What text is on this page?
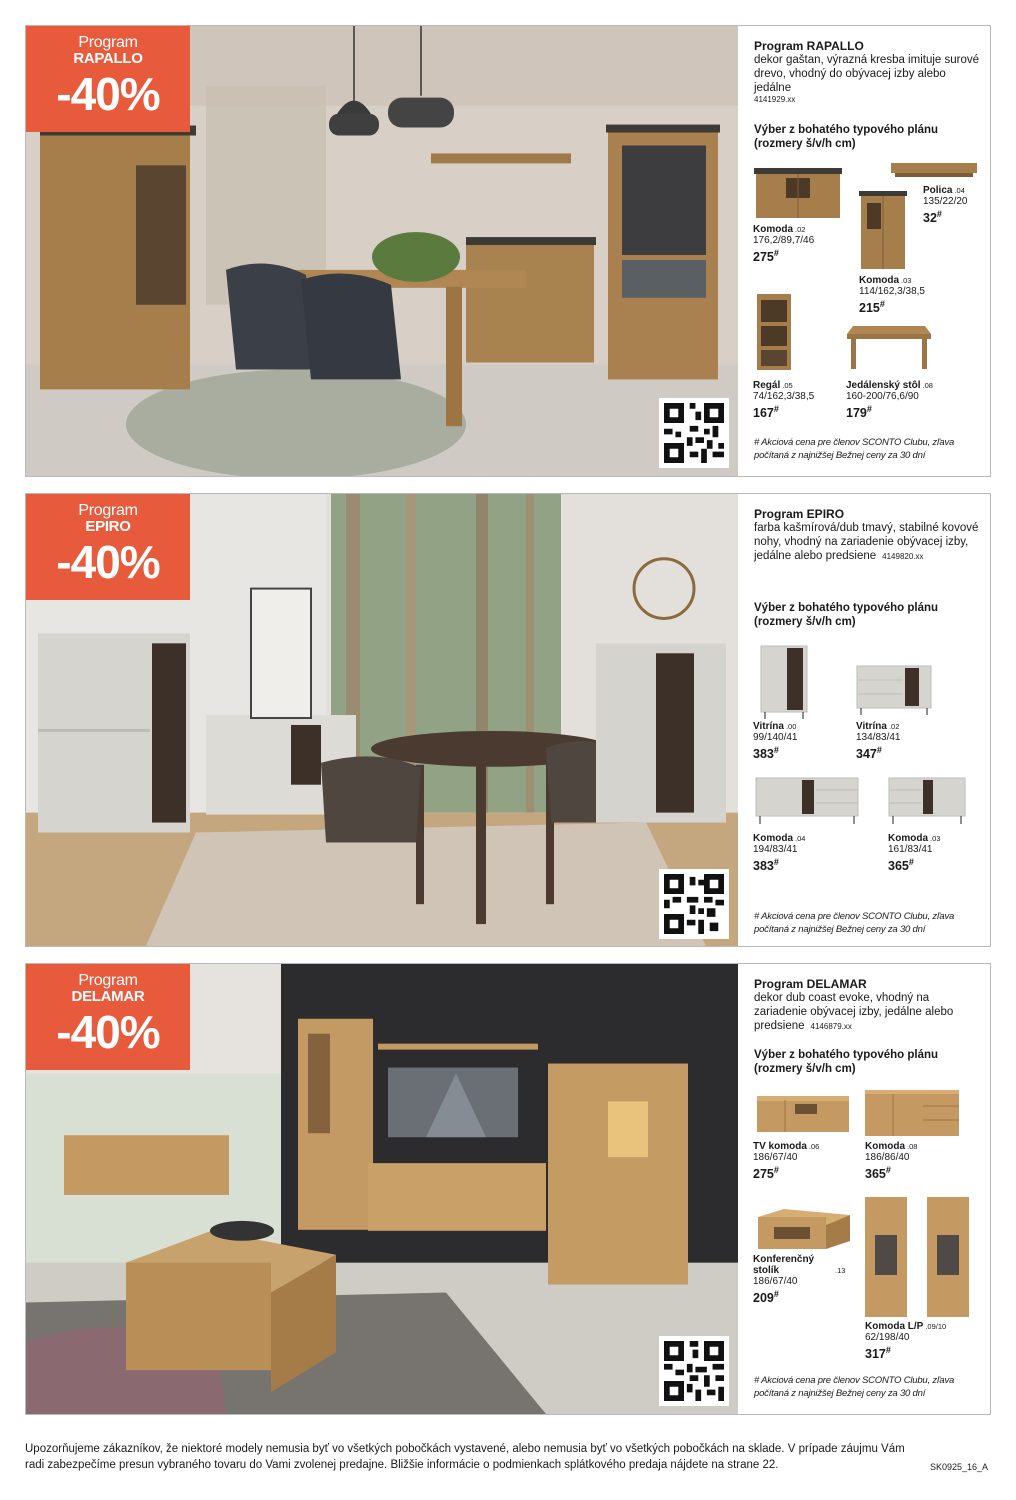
Program
RAPALLO
-40%
Program RAPALLO
dekor gaštan, výrazná kresba imituje surové drevo, vhodný do obývacej izby alebo jedálne
4141929.xx
Výber z bohatého typového plánu (rozmery š/v/h cm)
Komoda .02
176,2/89,7/46
275#
Polica .04
135/22/20
32#
Komoda .03
114/162,3/38,5
215#
Regál .05
74/162,3/38,5
167#
Jedálenský stôl .08
160-200/76,6/90
179#
# Akciová cena pre členov SCONTO Clubu, zľava počítaná z najnižšej Bežnej ceny za 30 dní
Program
EPIRO
-40%
Program EPIRO
farba kašmírová/dub tmavý, stabilné kovové nohy, vhodný na zariadenie obývacej izby, jedálne alebo predsiene 4149820.xx
Výber z bohatého typového plánu (rozmery š/v/h cm)
Vitrína .00
99/140/41
383#
Vitrína .02
134/83/41
347#
Komoda .04
194/83/41
383#
Komoda .03
161/83/41
365#
# Akciová cena pre členov SCONTO Clubu, zľava počítaná z najnižšej Bežnej ceny za 30 dní
Program
DELAMAR
-40%
Program DELAMAR
dekor dub coast evoke, vhodný na zariadenie obývacej izby, jedálne alebo predsiene 4146879.xx
Výber z bohatého typového plánu (rozmery š/v/h cm)
TV komoda .06
186/67/40
275#
Komoda .08
186/86/40
365#
Konferenčný stolík	.13
186/67/40
209#
Komoda L/P .09/10
62/198/40
317#
# Akciová cena pre členov SCONTO Clubu, zľava počítaná z najnižšej Bežnej ceny za 30 dní
Upozorňujeme zákazníkov, že niektoré modely nemusia byť vo všetkých pobočkách vystavené, alebo nemusia byť vo všetkých pobočkách na sklade. V prípade záujmu Vám radi zabezpečíme presun vybraného tovaru do Vami zvolenej predajne. Bližšie informácie o podmienkach splátkového predaja nájdete na strane 22.	SK0925_16_A
